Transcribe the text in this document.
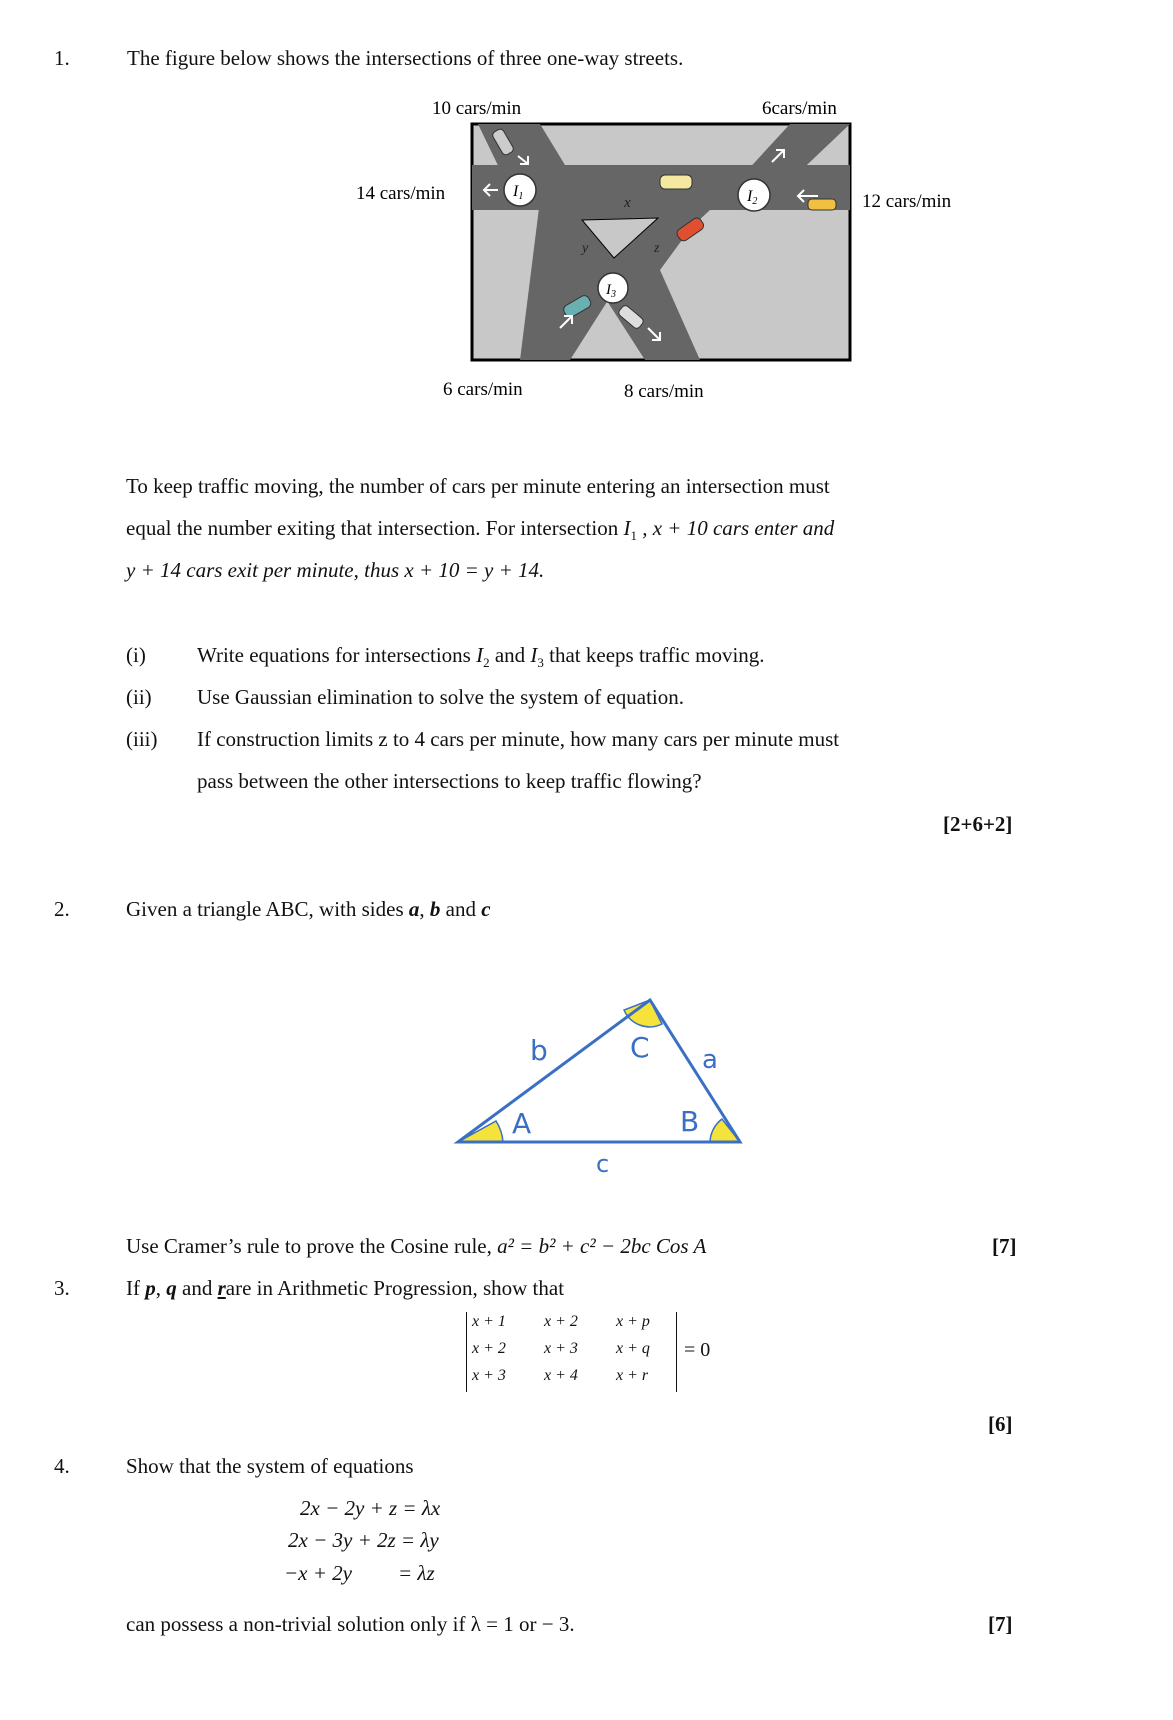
1.	The figure below shows the intersections of three one-way streets.
10 cars/min	6cars/min
14 cars/min	12 cars/min
6 cars/min	8 cars/min
I1	I2
$I_3$
x
y	z
To keep traffic moving, the number of cars per minute entering an intersection must
equal the number exiting that intersection. For intersection $I_1$ , x + 10 cars enter and
y + 14 cars exit per minute, thus x + 10 = y + 14.
(i) Write equations for intersections $I_2$ and $I_3$ that keeps traffic moving.
(ii) Use Gaussian elimination to solve the system of equation.
(iii) If construction limits z to 4 cars per minute, how many cars per minute must
pass between the other intersections to keep traffic flowing?
[2+6+2]
2.	Given a triangle ABC, with sides a, b and c
b	C a
A	B
c
Use Cramer’s rule to prove the Cosine rule, a² = b² + c² − 2bc Cos A	[7]
3.	If p, q and rare in Arithmetic Progression, show that
x + 1	x + 2	x + p
x + 2	x + 3	x + q
x + 3	x + 4	x + r
= 0
[6]
4.	Show that the system of equations
2x − 2y + z = λx
2x − 3y + 2z = λy
−x + 2y = λz
can possess a non-trivial solution only if λ = 1 or − 3.	[7]
